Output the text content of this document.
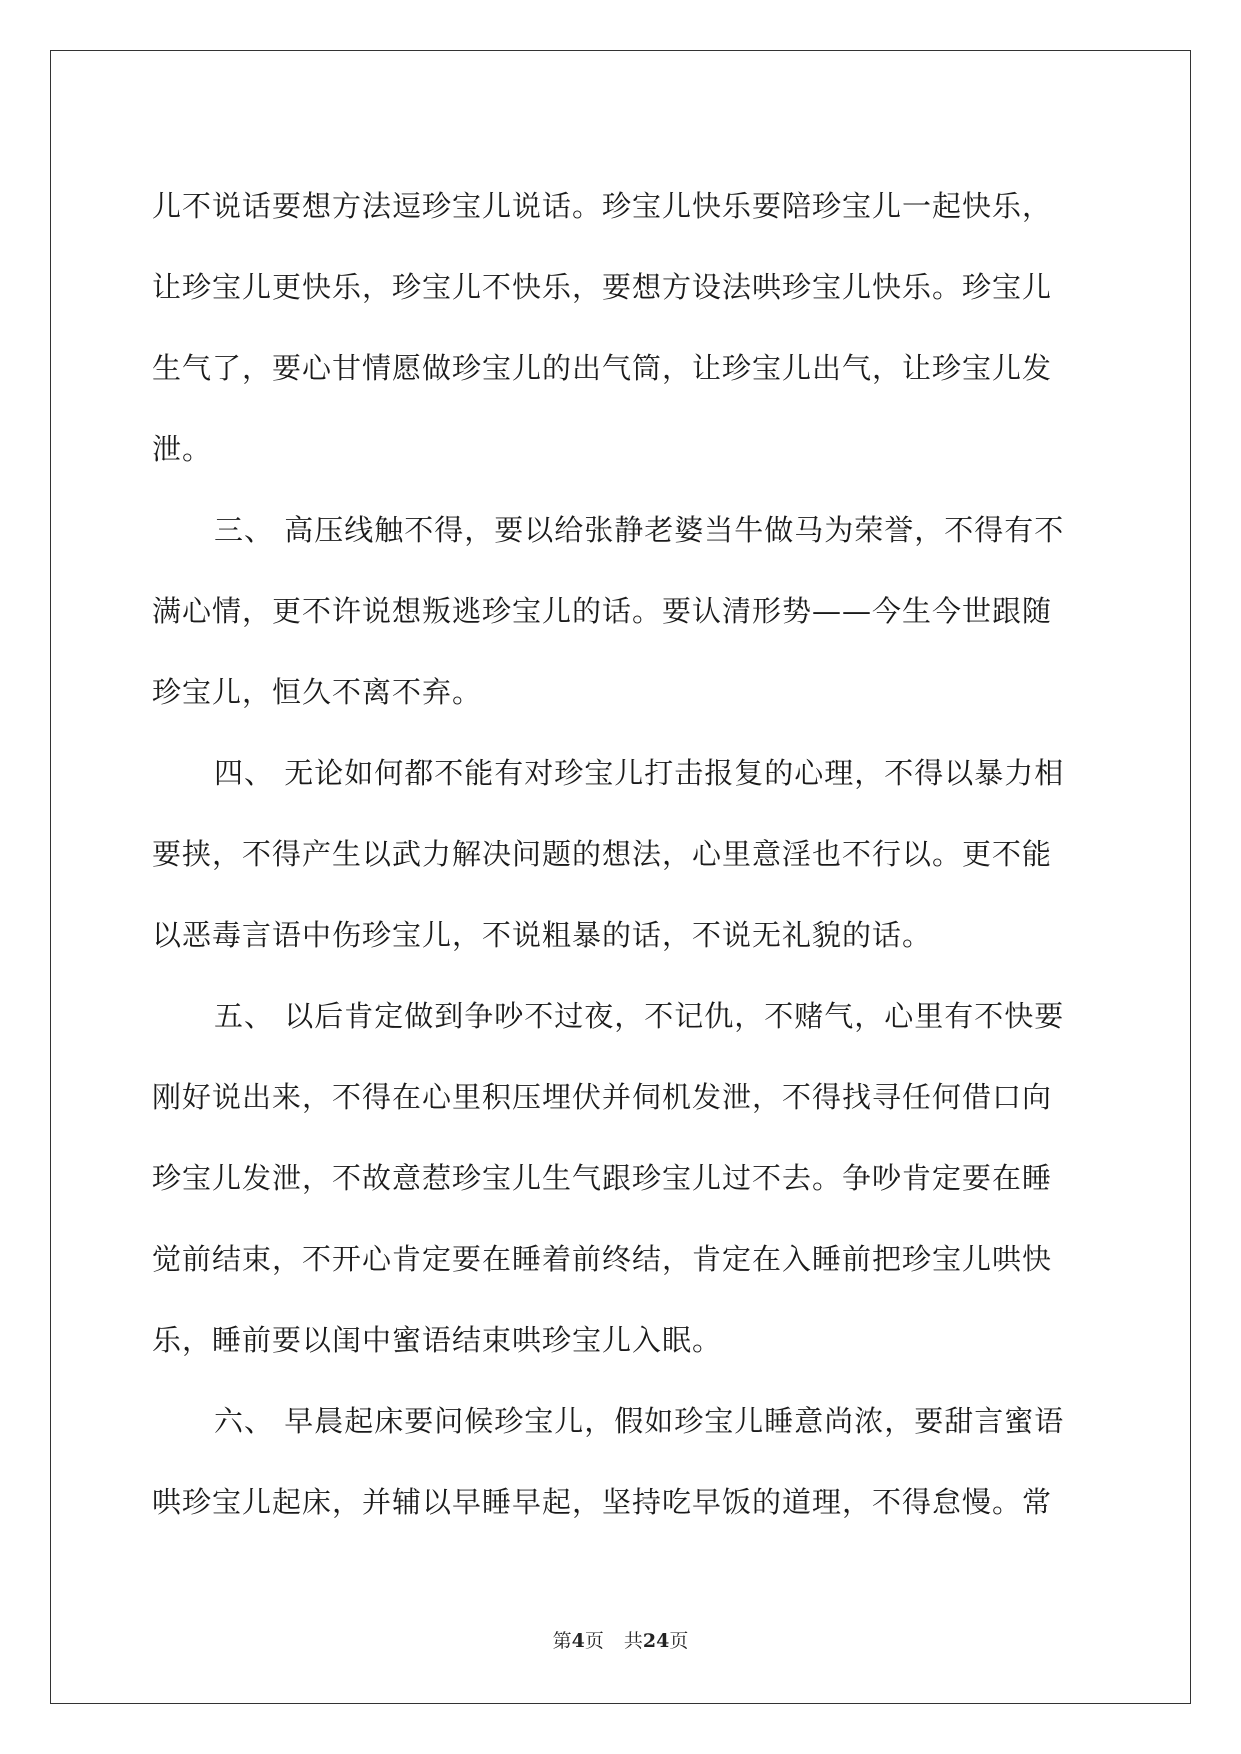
儿不说话要想方法逗珍宝儿说话。珍宝儿快乐要陪珍宝儿一起快乐，
让珍宝儿更快乐，珍宝儿不快乐，要想方设法哄珍宝儿快乐。珍宝儿
生气了，要心甘情愿做珍宝儿的出气筒，让珍宝儿出气，让珍宝儿发
泄。
三、 高压线触不得，要以给张静老婆当牛做马为荣誉，不得有不
满心情，更不许说想叛逃珍宝儿的话。要认清形势——今生今世跟随
珍宝儿，恒久不离不弃。
四、 无论如何都不能有对珍宝儿打击报复的心理，不得以暴力相
要挟，不得产生以武力解决问题的想法，心里意淫也不行以。更不能
以恶毒言语中伤珍宝儿，不说粗暴的话，不说无礼貌的话。
五、 以后肯定做到争吵不过夜，不记仇，不赌气，心里有不快要
刚好说出来，不得在心里积压埋伏并伺机发泄，不得找寻任何借口向
珍宝儿发泄，不故意惹珍宝儿生气跟珍宝儿过不去。争吵肯定要在睡
觉前结束，不开心肯定要在睡着前终结，肯定在入睡前把珍宝儿哄快
乐，睡前要以闺中蜜语结束哄珍宝儿入眠。
六、 早晨起床要问候珍宝儿，假如珍宝儿睡意尚浓，要甜言蜜语
哄珍宝儿起床，并辅以早睡早起，坚持吃早饭的道理，不得怠慢。常
第4页 共24页
